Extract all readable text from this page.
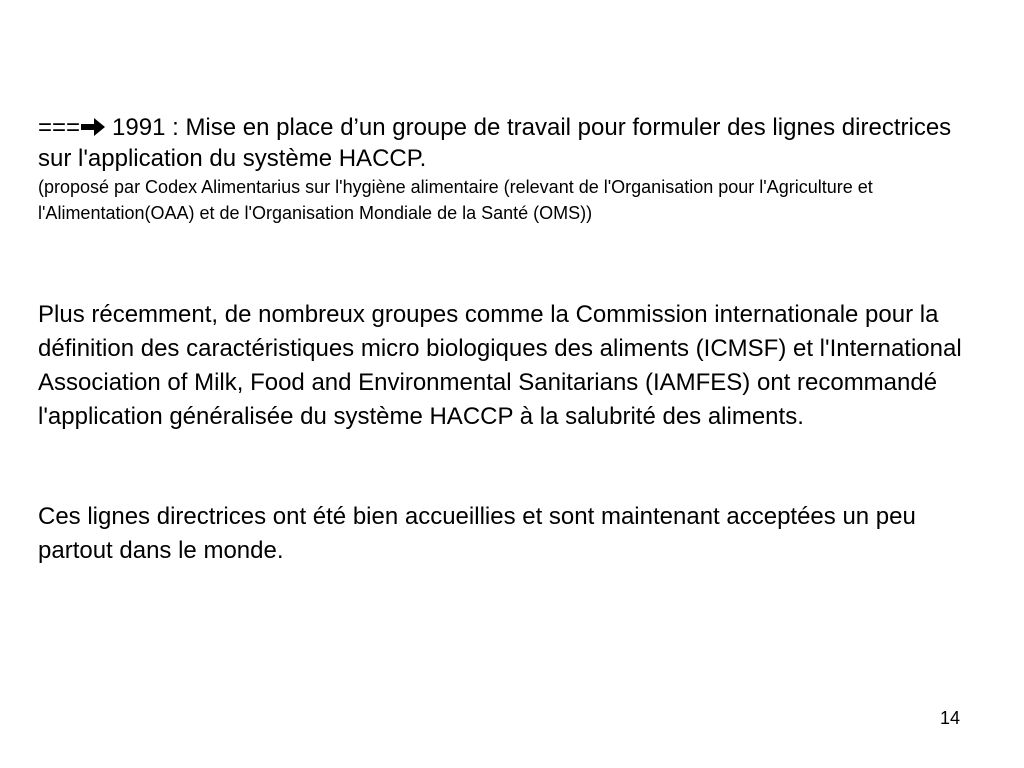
=== 1991 : Mise en place d’un groupe de travail pour formuler des lignes directrices sur l'application du système HACCP.
(proposé par Codex Alimentarius sur l'hygiène alimentaire (relevant de l'Organisation pour l'Agriculture et l'Alimentation(OAA) et de l'Organisation Mondiale de la Santé (OMS))
Plus récemment, de nombreux groupes comme la Commission internationale pour la définition des caractéristiques micro biologiques des aliments (ICMSF) et l'International Association of Milk, Food and Environmental Sanitarians (IAMFES) ont recommandé l'application généralisée du système HACCP à la salubrité des aliments.
Ces lignes directrices ont été bien accueillies et sont maintenant acceptées un peu partout dans le monde.
14
